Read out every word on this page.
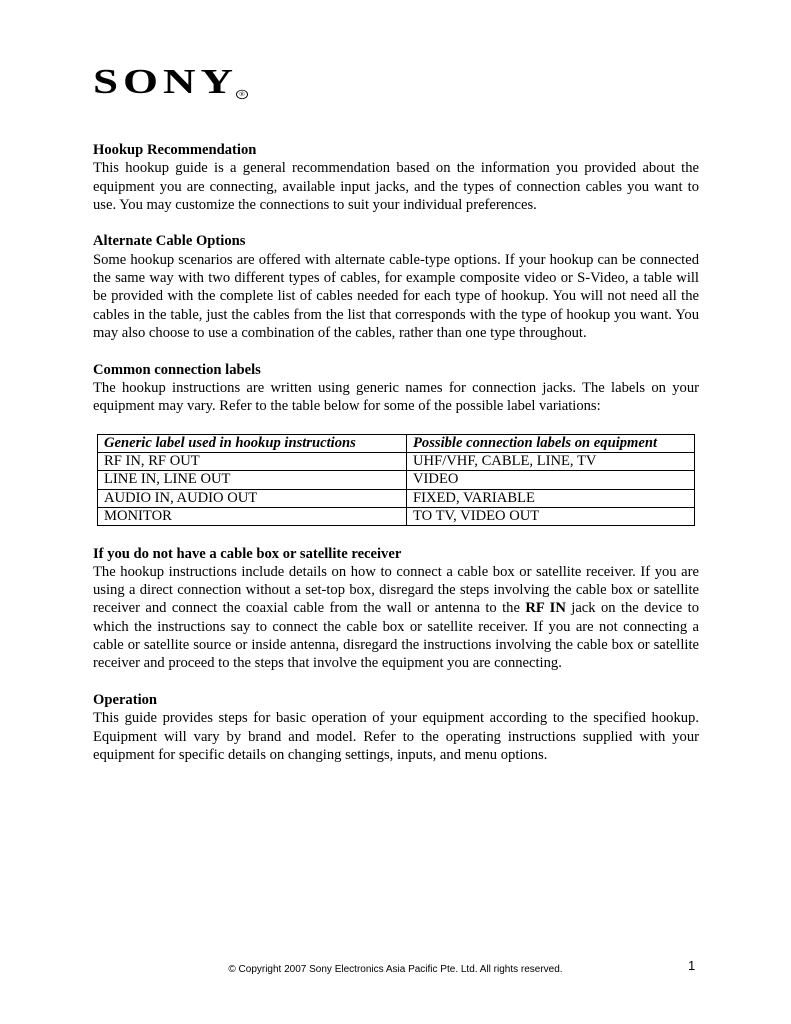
SONY®
Hookup Recommendation
This hookup guide is a general recommendation based on the information you provided about the equipment you are connecting, available input jacks, and the types of connection cables you want to use. You may customize the connections to suit your individual preferences.
Alternate Cable Options
Some hookup scenarios are offered with alternate cable-type options. If your hookup can be connected the same way with two different types of cables, for example composite video or S-Video, a table will be provided with the complete list of cables needed for each type of hookup. You will not need all the cables in the table, just the cables from the list that corresponds with the type of hookup you want. You may also choose to use a combination of the cables, rather than one type throughout.
Common connection labels
The hookup instructions are written using generic names for connection jacks. The labels on your equipment may vary. Refer to the table below for some of the possible label variations:
Generic label used in hookup instructions	Possible connection labels on equipment
RF IN, RF OUT	UHF/VHF, CABLE, LINE, TV
LINE IN, LINE OUT	VIDEO
AUDIO IN, AUDIO OUT	FIXED, VARIABLE
MONITOR	TO TV, VIDEO OUT
If you do not have a cable box or satellite receiver
The hookup instructions include details on how to connect a cable box or satellite receiver. If you are using a direct connection without a set-top box, disregard the steps involving the cable box or satellite receiver and connect the coaxial cable from the wall or antenna to the RF IN jack on the device to which the instructions say to connect the cable box or satellite receiver. If you are not connecting a cable or satellite source or inside antenna, disregard the instructions involving the cable box or satellite receiver and proceed to the steps that involve the equipment you are connecting.
Operation
This guide provides steps for basic operation of your equipment according to the specified hookup. Equipment will vary by brand and model. Refer to the operating instructions supplied with your equipment for specific details on changing settings, inputs, and menu options.
© Copyright 2007 Sony Electronics Asia Pacific Pte. Ltd. All rights reserved.	1
